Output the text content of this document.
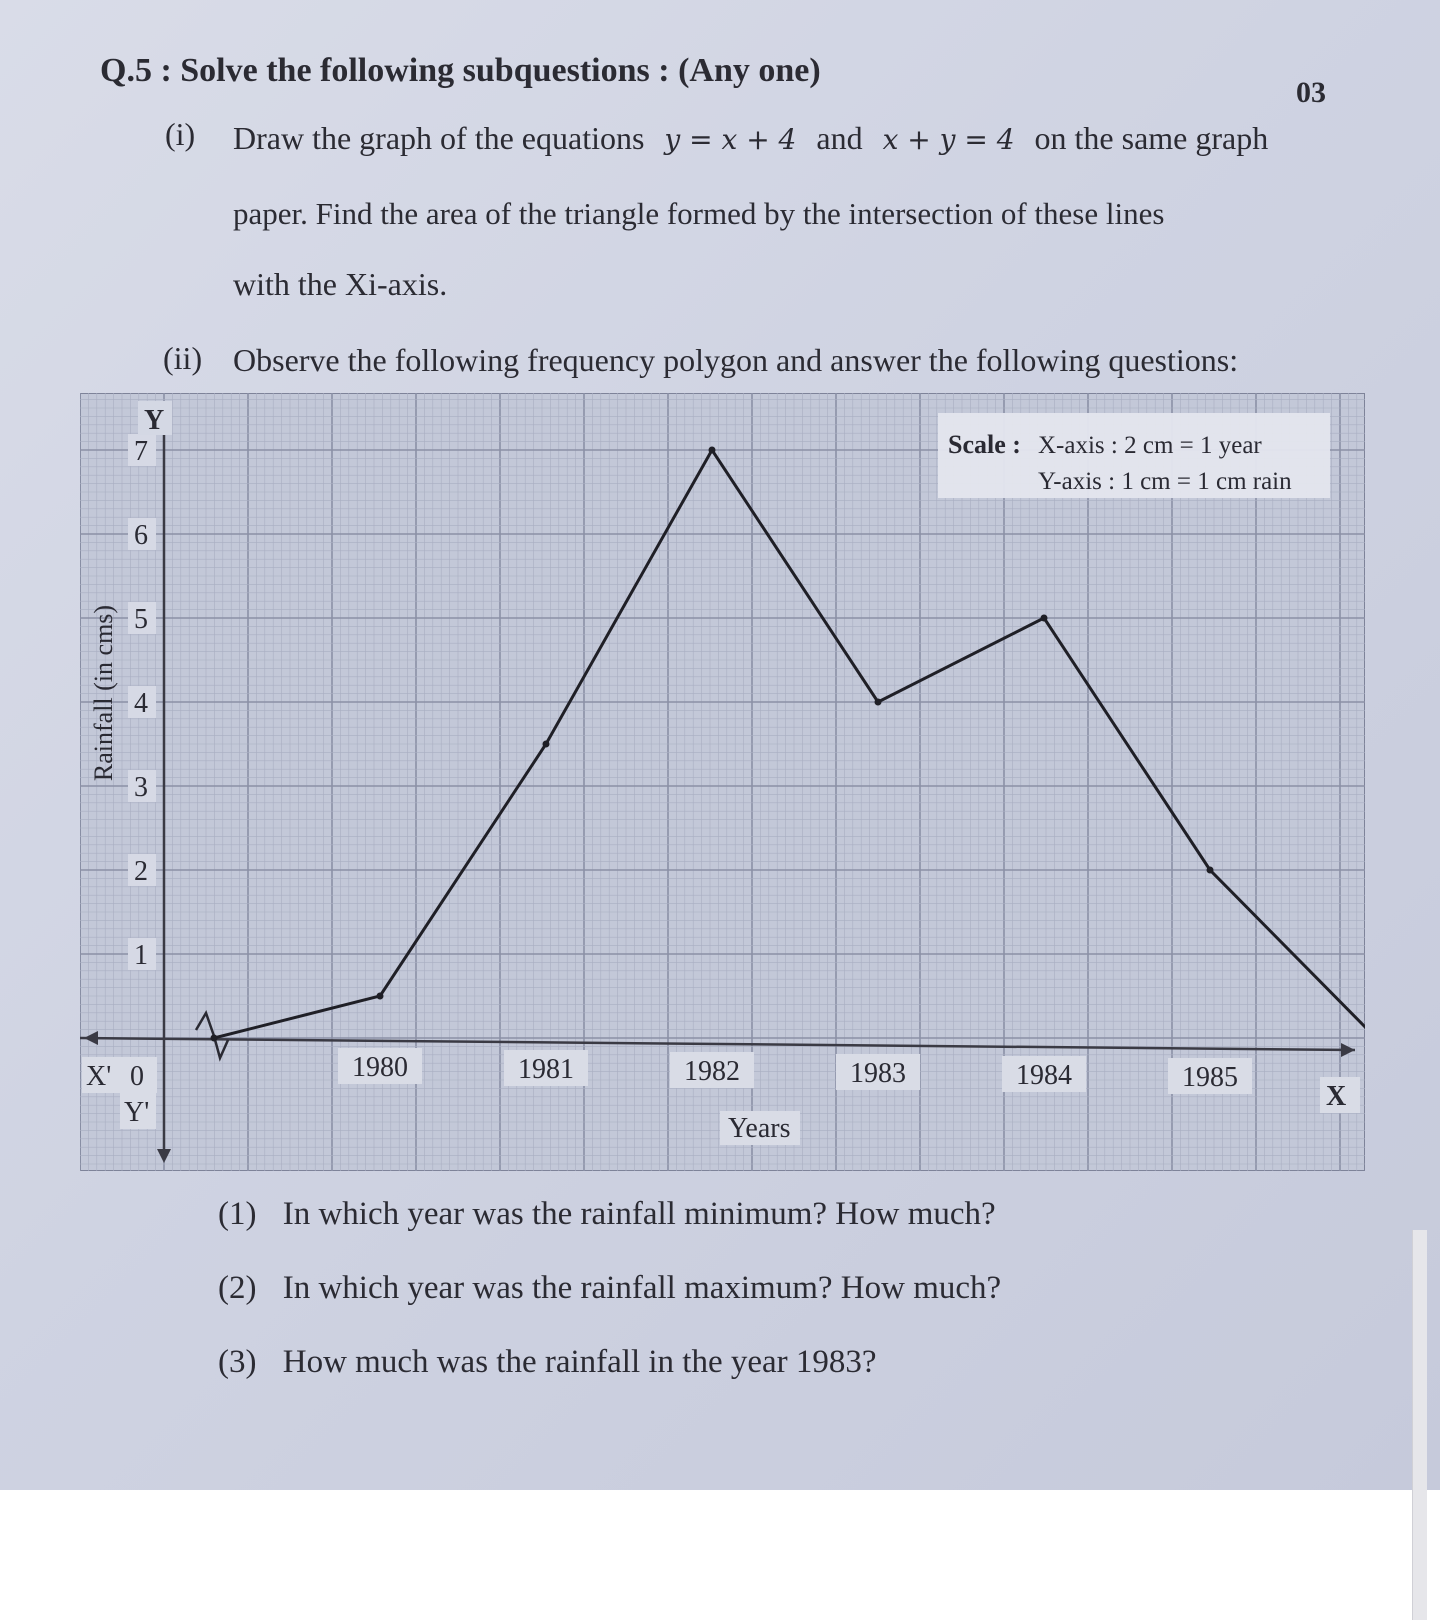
Q.5 : Solve the following subquestions : (Any one)
03
(i) Draw the graph of the equations y = x + 4 and x + y = 4 on the same graph
paper. Find the area of the triangle formed by the intersection of these lines
with the Xi-axis.
(ii) Observe the following frequency polygon and answer the following questions:
1
2
3
4
5
6
7
1980	1981	1982	1983	1984	1985
Scale : X-axis : 2 cm = 1 year
Y-axis : 1 cm = 1 cm rain
Rainfall (in cms)
Y
X' 0
Y'
X
Years
(1) In which year was the rainfall minimum? How much?
(2) In which year was the rainfall maximum? How much?
(3) How much was the rainfall in the year 1983?
